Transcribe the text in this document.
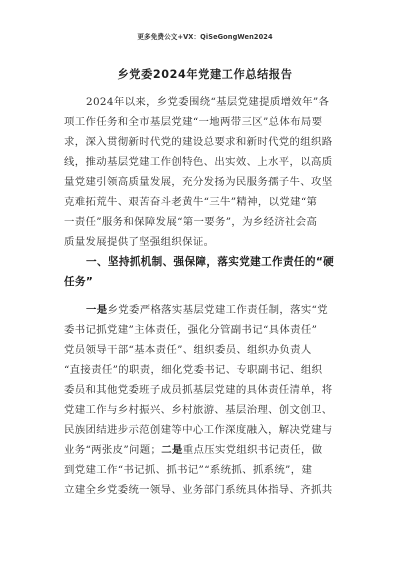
更多免费公文+VX：QiSeGongWen2024
乡党委2024年党建工作总结报告
2024年以来，乡党委围绕“基层党建提质增效年”各
项工作任务和全市基层党建“一地两带三区”总体布局要
求，深入贯彻新时代党的建设总要求和新时代党的组织路
线，推动基层党建工作创特色、出实效、上水平，以高质
量党建引领高质量发展，充分发扬为民服务孺子牛、攻坚
克难拓荒牛、艰苦奋斗老黄牛“三牛”精神，以党建“第
一责任”服务和保障发展“第一要务”，为乡经济社会高
质量发展提供了坚强组织保证。
一、坚持抓机制、强保障，落实党建工作责任的“硬
任务”
一是乡党委严格落实基层党建工作责任制，落实“党
委书记抓党建”主体责任，强化分管副书记“具体责任”
党员领导干部“基本责任”、组织委员、组织办负责人
“直接责任”的职责，细化党委书记、专职副书记、组织
委员和其他党委班子成员抓基层党建的具体责任清单，将
党建工作与乡村振兴、乡村旅游、基层治理、创文创卫、
民族团结进步示范创建等中心工作深度融入，解决党建与
业务“两张皮”问题；二是重点压实党组织书记责任，做
到党建工作“书记抓、抓书记”“系统抓、抓系统”，建
立建全乡党委统一领导、业务部门系统具体指导、齐抓共
